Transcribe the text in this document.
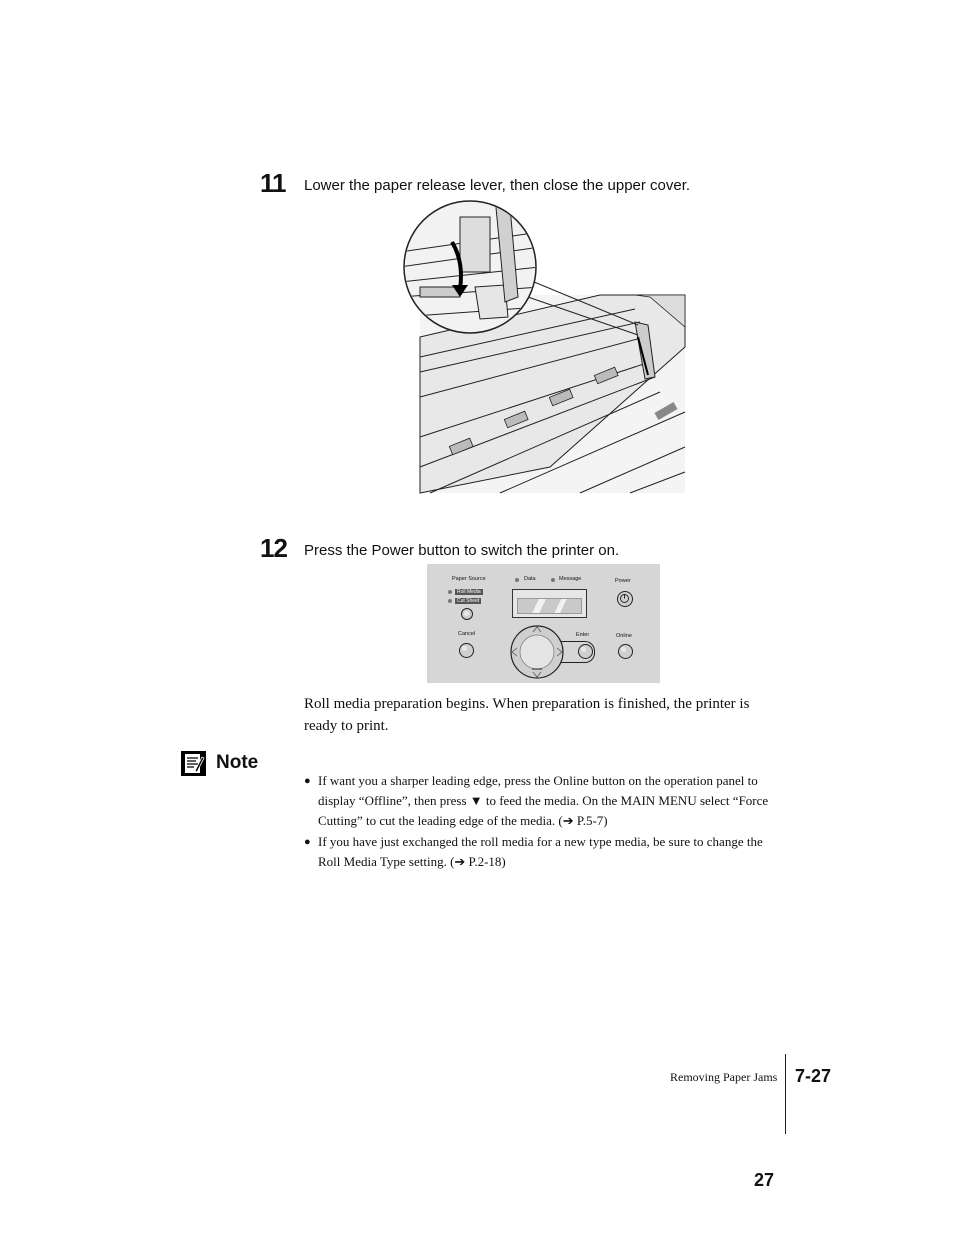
11 Lower the paper release lever, then close the upper cover.
12 Press the Power button to switch the printer on.
Paper Source
Roll Media
Cut Sheet
Data	Message	Power
Cancel	Enter	Online
Roll media preparation begins. When preparation is finished, the printer is ready to print.
Note
● If want you a sharper leading edge, press the Online button on the operation panel to display “Offline”, then press ▼ to feed the media. On the MAIN MENU select “Force Cutting” to cut the leading edge of the media. (➔ P.5-7)
● If you have just exchanged the roll media for a new type media, be sure to change the Roll Media Type setting. (➔ P.2-18)
Removing Paper Jams 7-27
27
